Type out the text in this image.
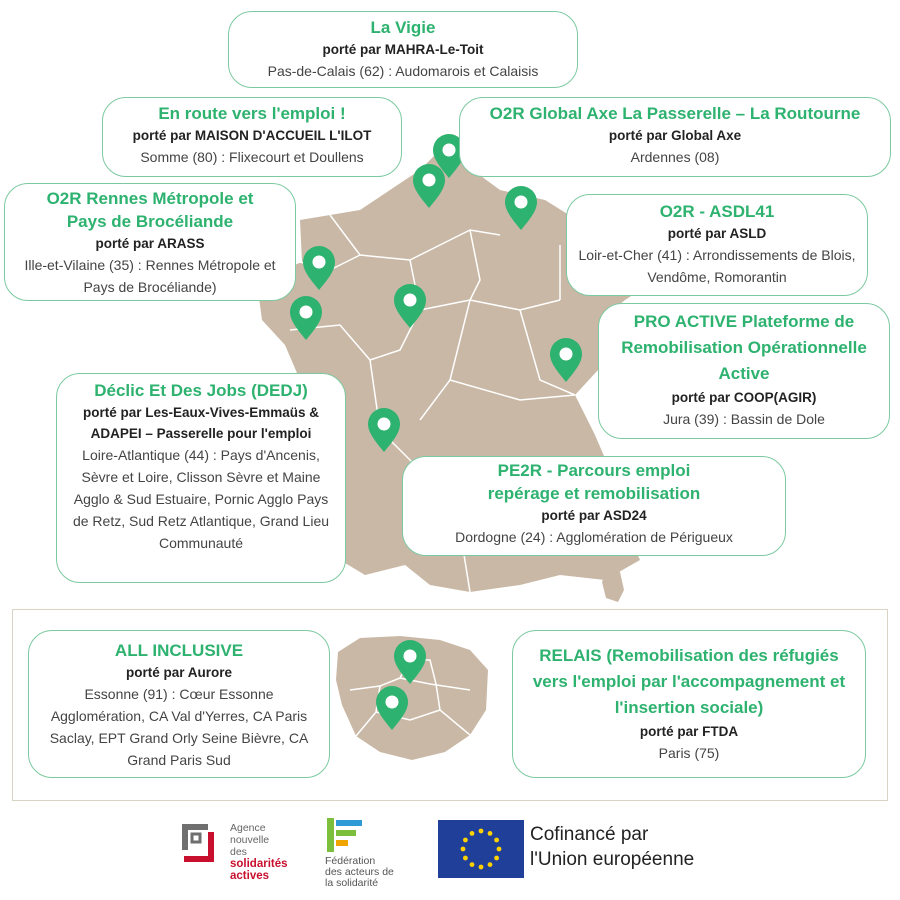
La Vigie
porté par MAHRA-Le-Toit
Pas-de-Calais (62) : Audomarois et Calaisis
En route vers l'emploi !
porté par MAISON D'ACCUEIL L'ILOT
Somme (80) : Flixecourt et Doullens
O2R Global Axe La Passerelle – La Routourne
porté par Global Axe
Ardennes (08)
O2R Rennes Métropole et Pays de Brocéliande
porté par ARASS
Ille-et-Vilaine (35) : Rennes Métropole et Pays de Brocéliande)
O2R - ASDL41
porté par ASLD
Loir-et-Cher (41) : Arrondissements de Blois, Vendôme, Romorantin
PRO ACTIVE Plateforme de Remobilisation Opérationnelle Active
porté par COOP(AGIR)
Jura (39) : Bassin de Dole
Déclic Et Des Jobs (DEDJ)
porté par Les-Eaux-Vives-Emmaüs & ADAPEI – Passerelle pour l'emploi
Loire-Atlantique (44) : Pays d'Ancenis, Sèvre et Loire, Clisson Sèvre et Maine Agglo & Sud Estuaire, Pornic Agglo Pays de Retz, Sud Retz Atlantique, Grand Lieu Communauté
PE2R - Parcours emploi repérage et remobilisation
porté par ASD24
Dordogne (24) : Agglomération de Périgueux
ALL INCLUSIVE
porté par Aurore
Essonne (91) : Cœur Essonne Agglomération, CA Val d'Yerres, CA Paris Saclay, EPT Grand Orly Seine Bièvre, CA Grand Paris Sud
RELAIS (Remobilisation des réfugiés vers l'emploi par l'accompagnement et l'insertion sociale)
porté par FTDA
Paris (75)
Agence
nouvelle des
solidarités
actives
Fédération
des acteurs de
la solidarité
Cofinancé par
l'Union européenne
